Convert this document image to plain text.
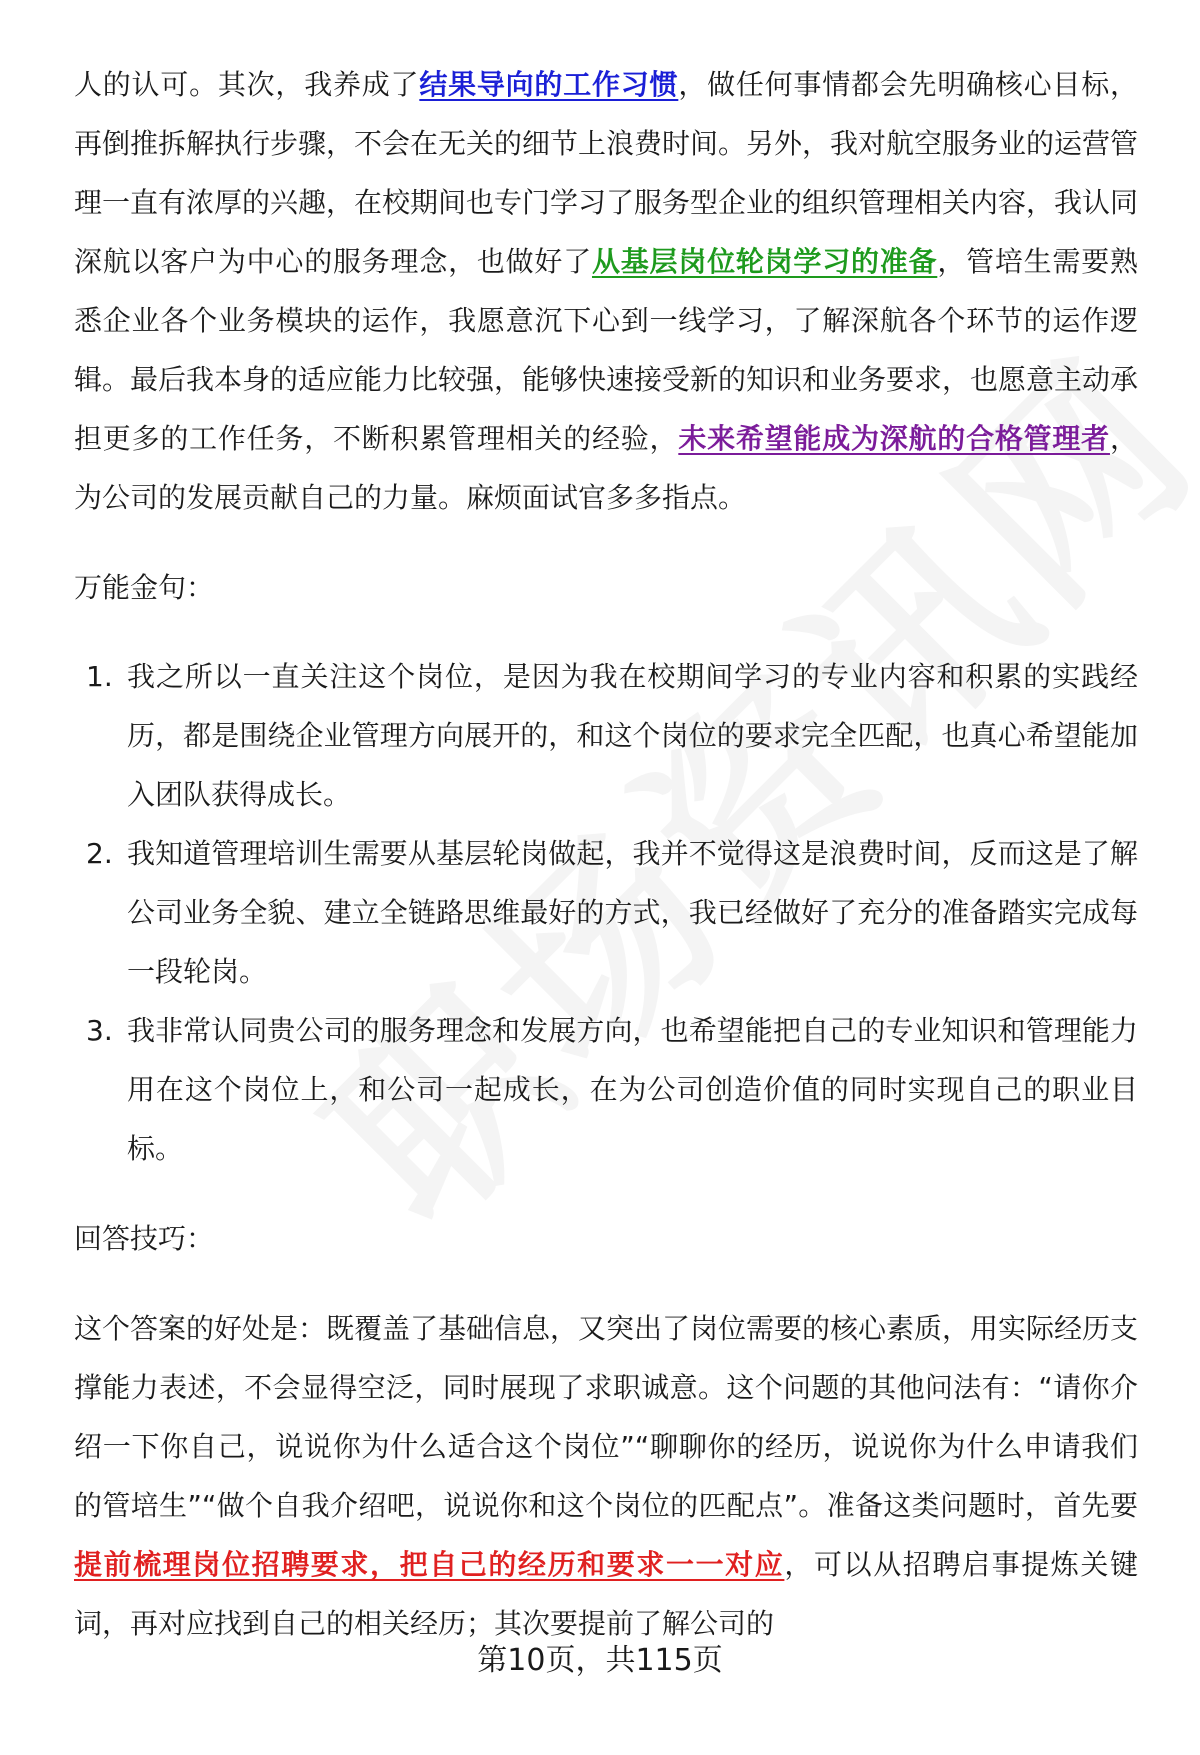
人的认可。其次，我养成了结果导向的工作习惯，做任何事情都会先明确核心目标，再倒推拆解执行步骤，不会在无关的细节上浪费时间。另外，我对航空服务业的运营管理一直有浓厚的兴趣，在校期间也专门学习了服务型企业的组织管理相关内容，我认同深航以客户为中心的服务理念，也做好了从基层岗位轮岗学习的准备，管培生需要熟悉企业各个业务模块的运作，我愿意沉下心到一线学习，了解深航各个环节的运作逻辑。最后我本身的适应能力比较强，能够快速接受新的知识和业务要求，也愿意主动承担更多的工作任务，不断积累管理相关的经验，未来希望能成为深航的合格管理者，为公司的发展贡献自己的力量。麻烦面试官多多指点。

万能金句：

1. 我之所以一直关注这个岗位，是因为我在校期间学习的专业内容和积累的实践经历，都是围绕企业管理方向展开的，和这个岗位的要求完全匹配，也真心希望能加入团队获得成长。
2. 我知道管理培训生需要从基层轮岗做起，我并不觉得这是浪费时间，反而这是了解公司业务全貌、建立全链路思维最好的方式，我已经做好了充分的准备踏实完成每一段轮岗。
3. 我非常认同贵公司的服务理念和发展方向，也希望能把自己的专业知识和管理能力用在这个岗位上，和公司一起成长，在为公司创造价值的同时实现自己的职业目标。

回答技巧：

这个答案的好处是：既覆盖了基础信息，又突出了岗位需要的核心素质，用实际经历支撑能力表述，不会显得空泛，同时展现了求职诚意。这个问题的其他问法有：“请你介绍一下你自己，说说你为什么适合这个岗位”“聊聊你的经历，说说你为什么申请我们的管培生”“做个自我介绍吧，说说你和这个岗位的匹配点”。准备这类问题时，首先要提前梳理岗位招聘要求，把自己的经历和要求一一对应，可以从招聘启事提炼关键词，再对应找到自己的相关经历；其次要提前了解公司的

第10页，共115页
